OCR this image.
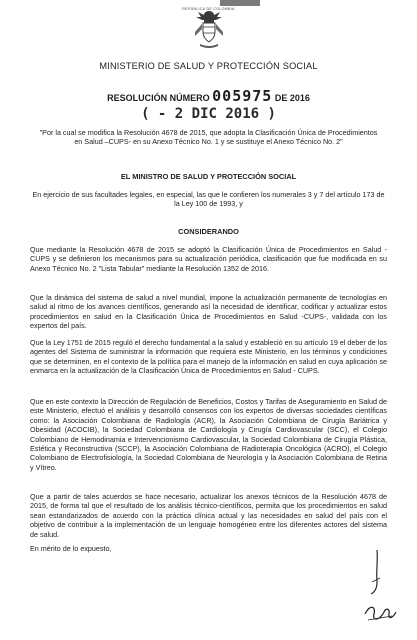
REPÚBLICA DE COLOMBIA
MINISTERIO DE SALUD Y PROTECCIÓN SOCIAL
RESOLUCIÓN NÚMERO 005975 DE 2016
( - 2 DIC 2016 )
"Por la cual se modifica la Resolución 4678 de 2015, que adopta la Clasificación Única de Procedimientos en Salud –CUPS- en su Anexo Técnico No. 1 y se sustituye el Anexo Técnico No. 2"
EL MINISTRO DE SALUD Y PROTECCIÓN SOCIAL
En ejercicio de sus facultades legales, en especial, las que le confieren los numerales 3 y 7 del artículo 173 de la Ley 100 de 1993, y
CONSIDERANDO
Que mediante la Resolución 4678 de 2015 se adoptó la Clasificación Única de Procedimientos en Salud - CUPS y se definieron los mecanismos para su actualización periódica, clasificación que fue modificada en su Anexo Técnico No. 2 "Lista Tabular" mediante la Resolución 1352 de 2016.
Que la dinámica del sistema de salud a nivel mundial, impone la actualización permanente de tecnologías en salud al ritmo de los avances científicos, generando así la necesidad de identificar, codificar y actualizar estos procedimientos en salud en la Clasificación Única de Procedimientos en Salud -CUPS-, validada con los expertos del país.
Que la Ley 1751 de 2015 reguló el derecho fundamental a la salud y estableció en su artículo 19 el deber de los agentes del Sistema de suministrar la información que requiera este Ministerio, en los términos y condiciones que se determinen, en el contexto de la política para el manejo de la información en salud en cuya aplicación se enmarca en la actualización de la Clasificación Única de Procedimientos en Salud - CUPS.
Que en este contexto la Dirección de Regulación de Beneficios, Costos y Tarifas de Aseguramiento en Salud de este Ministerio, efectuó el análisis y desarrolló consensos con los expertos de diversas sociedades científicas como: la Asociación Colombiana de Radiología (ACR), la Asociación Colombiana de Cirugía Bariátrica y Obesidad (ACOCIB), la Sociedad Colombiana de Cardiología y Cirugía Cardiovascular (SCC), el Colegio Colombiano de Hemodinamia e Intervencionismo Cardiovascular, la Sociedad Colombiana de Cirugía Plástica, Estética y Reconstructiva (SCCP), la Asociación Colombiana de Radioterapia Oncológica (ACRO), el Colegio Colombiano de Electrofisiología, la Sociedad Colombiana de Neurología y la Asociación Colombiana de Retina y Vítreo.
Que a partir de tales acuerdos se hace necesario, actualizar los anexos técnicos de la Resolución 4678 de 2015, de forma tal que el resultado de los análisis técnico-científicos, permita que los procedimientos en salud sean estandarizados de acuerdo con la práctica clínica actual y las necesidades en salud del país con el objetivo de contribuir a la implementación de un lenguaje homogéneo entre los diferentes actores del sistema de salud.
En mérito de lo expuesto,
